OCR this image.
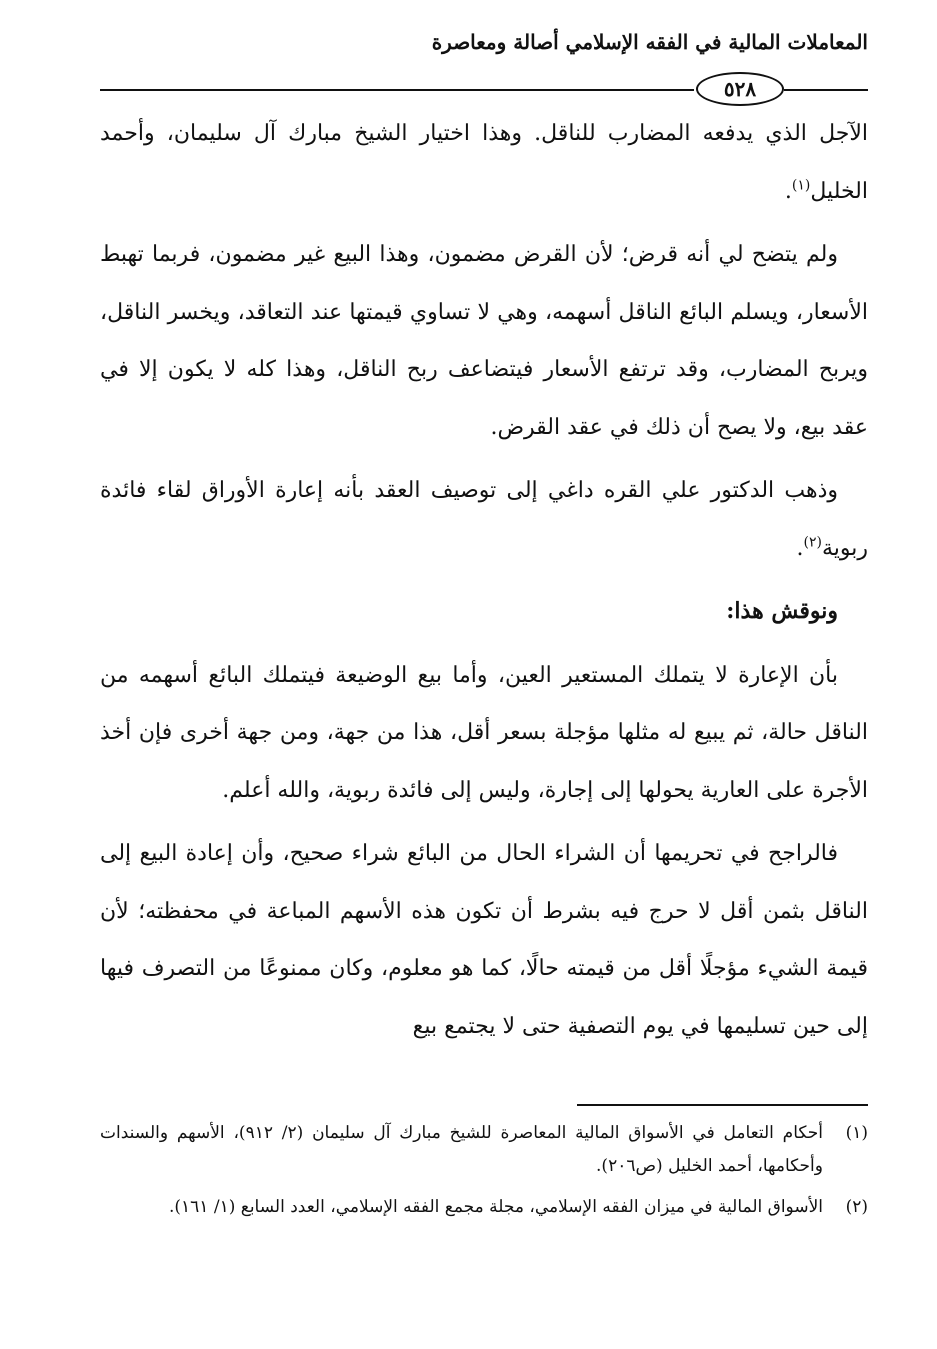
المعاملات المالية في الفقه الإسلامي أصالة ومعاصرة
٥٢٨

الآجل الذي يدفعه المضارب للناقل. وهذا اختيار الشيخ مبارك آل سليمان، وأحمد الخليل$^{(١)}$.

ولم يتضح لي أنه قرض؛ لأن القرض مضمون، وهذا البيع غير مضمون، فربما تهبط الأسعار، ويسلم البائع الناقل أسهمه، وهي لا تساوي قيمتها عند التعاقد، ويخسر الناقل، ويربح المضارب، وقد ترتفع الأسعار فيتضاعف ربح الناقل، وهذا كله لا يكون إلا في عقد بيع، ولا يصح أن ذلك في عقد القرض.

وذهب الدكتور علي القره داغي إلى توصيف العقد بأنه إعارة الأوراق لقاء فائدة ربوية$^{(٢)}$.

ونوقش هذا:

بأن الإعارة لا يتملك المستعير العين، وأما بيع الوضيعة فيتملك البائع أسهمه من الناقل حالة، ثم يبيع له مثلها مؤجلة بسعر أقل، هذا من جهة، ومن جهة أخرى فإن أخذ الأجرة على العارية يحولها إلى إجارة، وليس إلى فائدة ربوية، والله أعلم.

فالراجح في تحريمها أن الشراء الحال من البائع شراء صحيح، وأن إعادة البيع إلى الناقل بثمن أقل لا حرج فيه بشرط أن تكون هذه الأسهم المباعة في محفظته؛ لأن قيمة الشيء مؤجلًا أقل من قيمته حالًا، كما هو معلوم، وكان ممنوعًا من التصرف فيها إلى حين تسليمها في يوم التصفية حتى لا يجتمع بيع

(١)
أحكام التعامل في الأسواق المالية المعاصرة للشيخ مبارك آل سليمان (٢/ ٩١٢)، الأسهم والسندات وأحكامها، أحمد الخليل (ص٢٠٦).

(٢)
الأسواق المالية في ميزان الفقه الإسلامي، مجلة مجمع الفقه الإسلامي، العدد السابع (١/ ١٦١).
